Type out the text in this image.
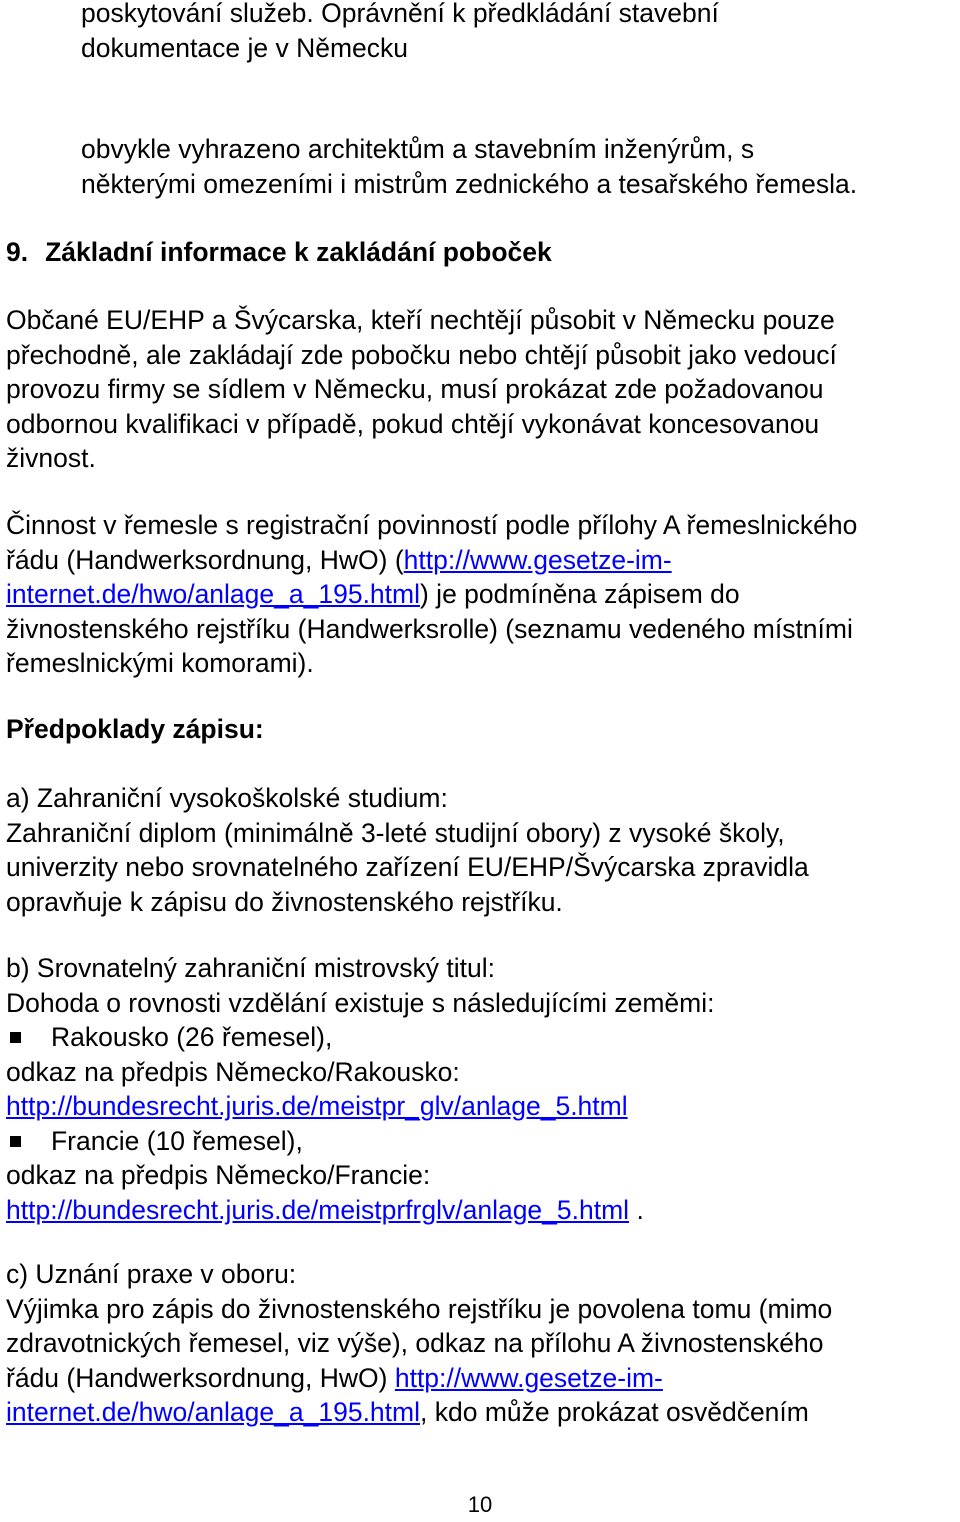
poskytování služeb. Oprávnění k předkládání stavební
dokumentace je v Německu
obvykle vyhrazeno architektům a stavebním inženýrům, s
některými omezeními i mistrům zednického a tesařského řemesla.
9. Základní informace k zakládání poboček
Občané EU/EHP a Švýcarska, kteří nechtějí působit v Německu pouze
přechodně, ale zakládají zde pobočku nebo chtějí působit jako vedoucí
provozu firmy se sídlem v Německu, musí prokázat zde požadovanou
odbornou kvalifikaci v případě, pokud chtějí vykonávat koncesovanou
živnost.
Činnost v řemesle s registrační povinností podle přílohy A řemeslnického
řádu (Handwerksordnung, HwO) (http://www.gesetze-im-
internet.de/hwo/anlage_a_195.html) je podmíněna zápisem do
živnostenského rejstříku (Handwerksrolle) (seznamu vedeného místními
řemeslnickými komorami).
Předpoklady zápisu:
a) Zahraniční vysokoškolské studium:
Zahraniční diplom (minimálně 3-leté studijní obory) z vysoké školy,
univerzity nebo srovnatelného zařízení EU/EHP/Švýcarska zpravidla
opravňuje k zápisu do živnostenského rejstříku.
b) Srovnatelný zahraniční mistrovský titul:
Dohoda o rovnosti vzdělání existuje s následujícími zeměmi:
Rakousko (26 řemesel),
odkaz na předpis Německo/Rakousko:
http://bundesrecht.juris.de/meistpr_glv/anlage_5.html
Francie (10 řemesel),
odkaz na předpis Německo/Francie:
http://bundesrecht.juris.de/meistprfrglv/anlage_5.html .
c) Uznání praxe v oboru:
Výjimka pro zápis do živnostenského rejstříku je povolena tomu (mimo
zdravotnických řemesel, viz výše), odkaz na přílohu A živnostenského
řádu (Handwerksordnung, HwO) http://www.gesetze-im-
internet.de/hwo/anlage_a_195.html, kdo může prokázat osvědčením
10
